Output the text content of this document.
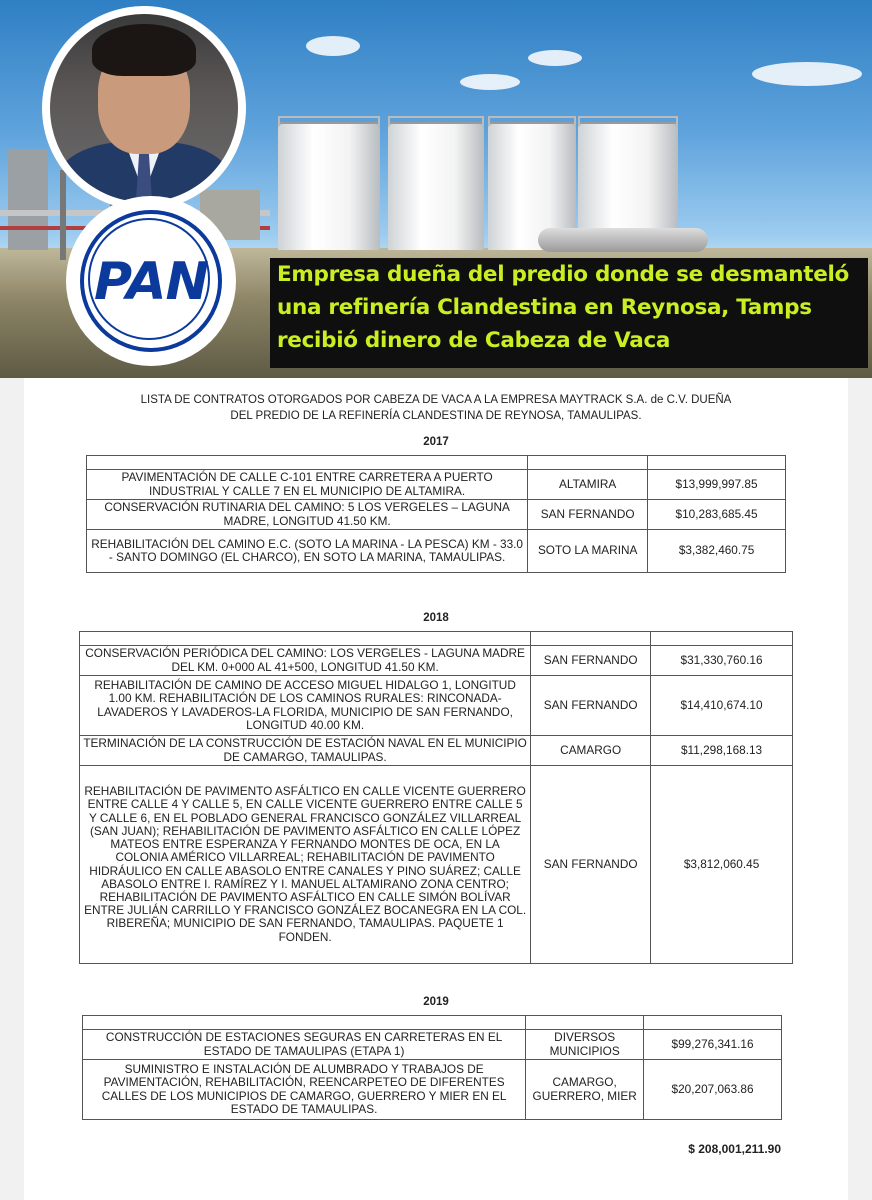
PAN	Empresa dueña del predio donde se desmanteló
una refinería Clandestina en Reynosa, Tamps
recibió dinero de Cabeza de Vaca
LISTA DE CONTRATOS OTORGADOS POR CABEZA DE VACA A LA EMPRESA MAYTRACK S.A. de C.V. DUEÑA
DEL PREDIO DE LA REFINERÍA CLANDESTINA DE REYNOSA, TAMAULIPAS.
2017

PAVIMENTACIÓN DE CALLE C-101 ENTRE CARRETERA A PUERTO INDUSTRIAL Y CALLE 7 EN EL MUNICIPIO DE ALTAMIRA.	ALTAMIRA	$13,999,997.85
CONSERVACIÓN RUTINARIA DEL CAMINO: 5 LOS VERGELES – LAGUNA MADRE, LONGITUD 41.50 KM.	SAN FERNANDO	$10,283,685.45
REHABILITACIÓN DEL CAMINO E.C. (SOTO LA MARINA - LA PESCA) KM - 33.0 - SANTO DOMINGO (EL CHARCO), EN SOTO LA MARINA, TAMAULIPAS.	SOTO LA MARINA	$3,382,460.75
2018

CONSERVACIÓN PERIÓDICA DEL CAMINO: LOS VERGELES - LAGUNA MADRE DEL KM. 0+000 AL 41+500, LONGITUD 41.50 KM.	SAN FERNANDO	$31,330,760.16
REHABILITACIÓN DE CAMINO DE ACCESO MIGUEL HIDALGO 1, LONGITUD 1.00 KM. REHABILITACIÓN DE LOS CAMINOS RURALES: RINCONADA-LAVADEROS Y LAVADEROS-LA FLORIDA, MUNICIPIO DE SAN FERNANDO, LONGITUD 40.00 KM.	SAN FERNANDO	$14,410,674.10
TERMINACIÓN DE LA CONSTRUCCIÓN DE ESTACIÓN NAVAL EN EL MUNICIPIO DE CAMARGO, TAMAULIPAS.	CAMARGO	$11,298,168.13
REHABILITACIÓN DE PAVIMENTO ASFÁLTICO EN CALLE VICENTE GUERRERO ENTRE CALLE 4 Y CALLE 5, EN CALLE VICENTE GUERRERO ENTRE CALLE 5 Y CALLE 6, EN EL POBLADO GENERAL FRANCISCO GONZÁLEZ VILLARREAL (SAN JUAN); REHABILITACIÓN DE PAVIMENTO ASFÁLTICO EN CALLE LÓPEZ MATEOS ENTRE ESPERANZA Y FERNANDO MONTES DE OCA, EN LA COLONIA AMÉRICO VILLARREAL; REHABILITACIÓN DE PAVIMENTO HIDRÁULICO EN CALLE ABASOLO ENTRE CANALES Y PINO SUÁREZ; CALLE ABASOLO ENTRE I. RAMÍREZ Y I. MANUEL ALTAMIRANO ZONA CENTRO; REHABILITACIÓN DE PAVIMENTO ASFÁLTICO EN CALLE SIMÓN BOLÍVAR ENTRE JULIÁN CARRILLO Y FRANCISCO GONZÁLEZ BOCANEGRA EN LA COL. RIBEREÑA; MUNICIPIO DE SAN FERNANDO, TAMAULIPAS. PAQUETE 1 FONDEN.	SAN FERNANDO	$3,812,060.45
2019

CONSTRUCCIÓN DE ESTACIONES SEGURAS EN CARRETERAS EN EL ESTADO DE TAMAULIPAS (ETAPA 1)	DIVERSOS MUNICIPIOS	$99,276,341.16
SUMINISTRO E INSTALACIÓN DE ALUMBRADO Y TRABAJOS DE PAVIMENTACIÓN, REHABILITACIÓN, REENCARPETEO DE DIFERENTES CALLES DE LOS MUNICIPIOS DE CAMARGO, GUERRERO Y MIER EN EL ESTADO DE TAMAULIPAS.	CAMARGO, GUERRERO, MIER	$20,207,063.86
$ 208,001,211.90
